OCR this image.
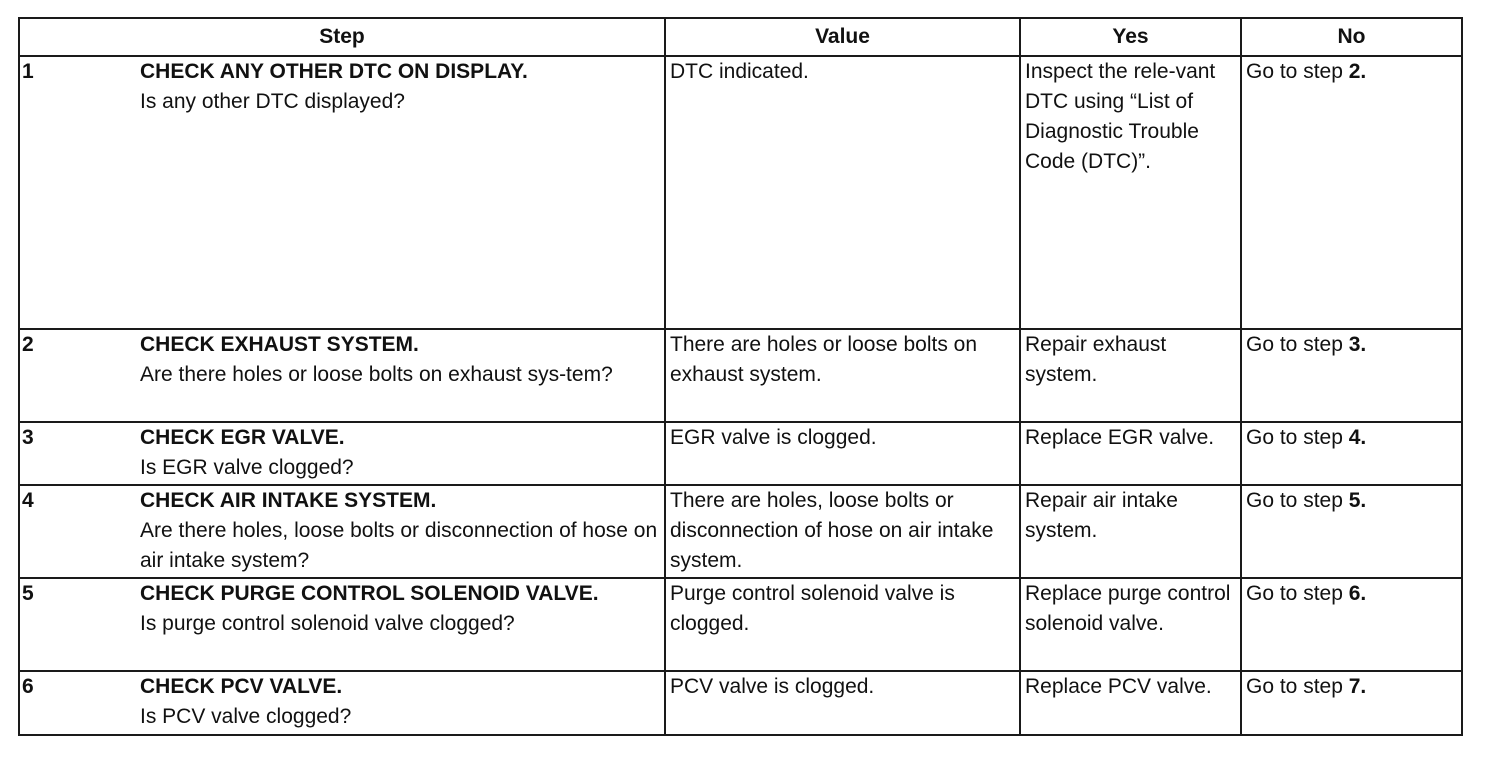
Step	Value	Yes	No

1 CHECK ANY OTHER DTC ON DISPLAY.
Is any other DTC displayed?	DTC indicated.	Inspect the rele-vant DTC using “List of Diagnostic Trouble Code (DTC)”.	Go to step 2.

2 CHECK EXHAUST SYSTEM.
Are there holes or loose bolts on exhaust sys-tem?	There are holes or loose bolts on exhaust system.	Repair exhaust system.	Go to step 3.

3 CHECK EGR VALVE.
Is EGR valve clogged?	EGR valve is clogged.	Replace EGR valve.	Go to step 4.

4 CHECK AIR INTAKE SYSTEM.
Are there holes, loose bolts or disconnection of hose on air intake system?	There are holes, loose bolts or disconnection of hose on air intake system.	Repair air intake system.	Go to step 5.

5 CHECK PURGE CONTROL SOLENOID VALVE.
Is purge control solenoid valve clogged?	Purge control solenoid valve is clogged.	Replace purge control solenoid valve.	Go to step 6.

6 CHECK PCV VALVE.
Is PCV valve clogged?	PCV valve is clogged.	Replace PCV valve.	Go to step 7.
